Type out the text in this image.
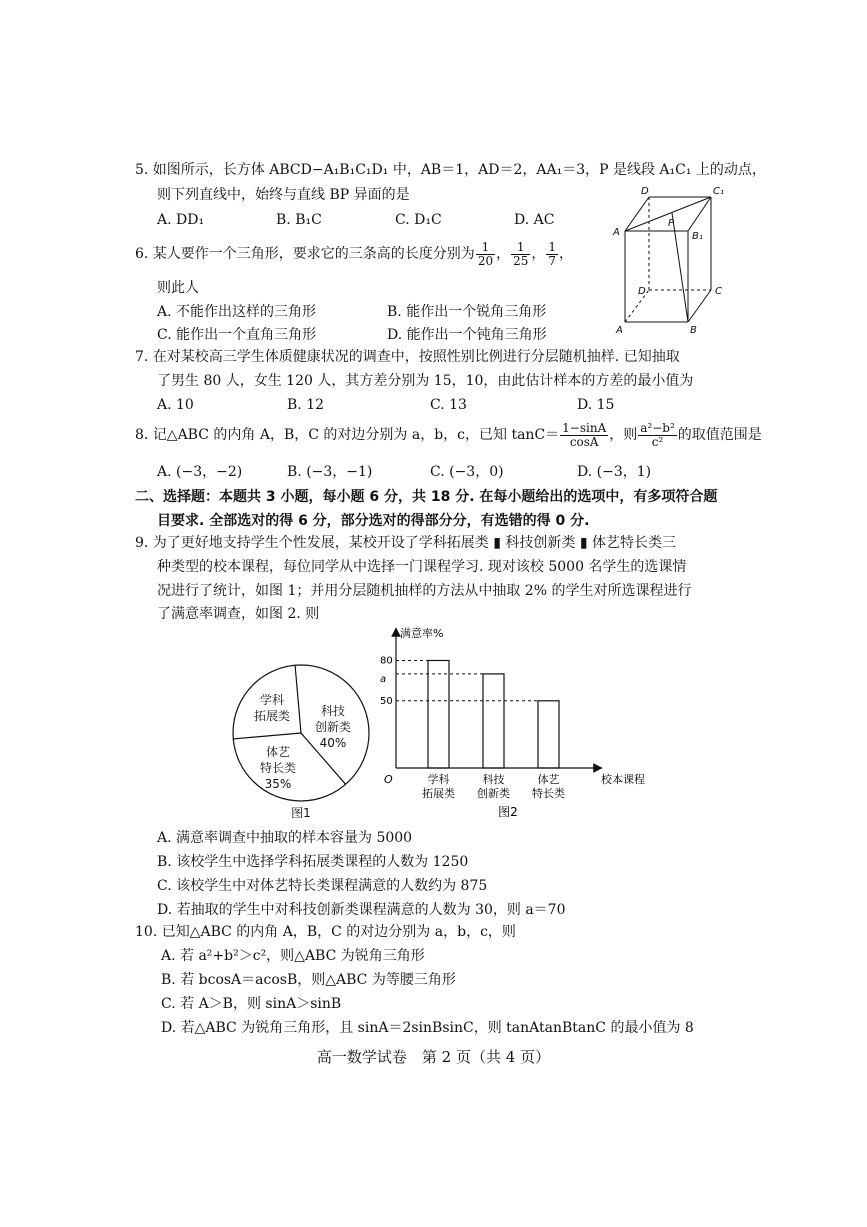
5. 如图所示，长方体 ABCD−A₁B₁C₁D₁ 中，AB＝1，AD＝2，AA₁＝3，P 是线段 A₁C₁ 上的动点，
则下列直线中，始终与直线 BP 异面的是
A. DD₁	B. B₁C	C. D₁C	D. AC
D	C₁
A	B₁
P
D	C
A	B
6. 某人要作一个三角形，要求它的三条高的长度分别为 $\frac{1}{20}$ ， $\frac{1}{25}$ ， $\frac{1}{7}$ ，
则此人
A. 不能作出这样的三角形	B. 能作出一个锐角三角形
C. 能作出一个直角三角形	D. 能作出一个钝角三角形
7. 在对某校高三学生体质健康状况的调查中，按照性别比例进行分层随机抽样. 已知抽取
了男生 80 人，女生 120 人，其方差分别为 15，10，由此估计样本的方差的最小值为
A. 10	B. 12	C. 13	D. 15
8. 记△ABC 的内角 A，B，C 的对边分别为 a，b，c，已知 $\tan C= \frac{1-\sin A}{\cos A}$ ，则 $\frac{\text{a²−b²}}{\text{c²}}$ 的取值范围是
A. (−3，−2)	B. (−3，−1)	C. (−3，0)	D. (−3，1)
二、选择题：本题共 3 小题，每小题 6 分，共 18 分. 在每小题给出的选项中，有多项符合题
目要求. 全部选对的得 6 分，部分选对的得部分分，有选错的得 0 分.
9. 为了更好地支持学生个性发展，某校开设了学科拓展类 ▮ 科技创新类 ▮ 体艺特长类三
种类型的校本课程，每位同学从中选择一门课程学习. 现对该校 5000 名学生的选课情
况进行了统计，如图 1；并用分层随机抽样的方法从中抽取 2% 的学生对所选课程进行
了满意率调查，如图 2. 则
学科
拓展类	科技
创新类
40%
体艺
特长类
35%
图1
满意率%
校本课程
O
80
a
50
学科
拓展类
科技
创新类
体艺
特长类
图2
A. 满意率调查中抽取的样本容量为 5000
B. 该校学生中选择学科拓展类课程的人数为 1250
C. 该校学生中对体艺特长类课程满意的人数约为 875
D. 若抽取的学生中对科技创新类课程满意的人数为 30，则 a＝70
10. 已知△ABC 的内角 A，B，C 的对边分别为 a，b，c，则
A. 若 a²+b²＞c²，则△ABC 为锐角三角形
B. 若 bcosA＝acosB，则△ABC 为等腰三角形
C. 若 A＞B，则 sinA＞sinB
D. 若△ABC 为锐角三角形，且 sinA＝2sinBsinC，则 tanAtanBtanC 的最小值为 8
高一数学试卷　第 2 页（共 4 页）
